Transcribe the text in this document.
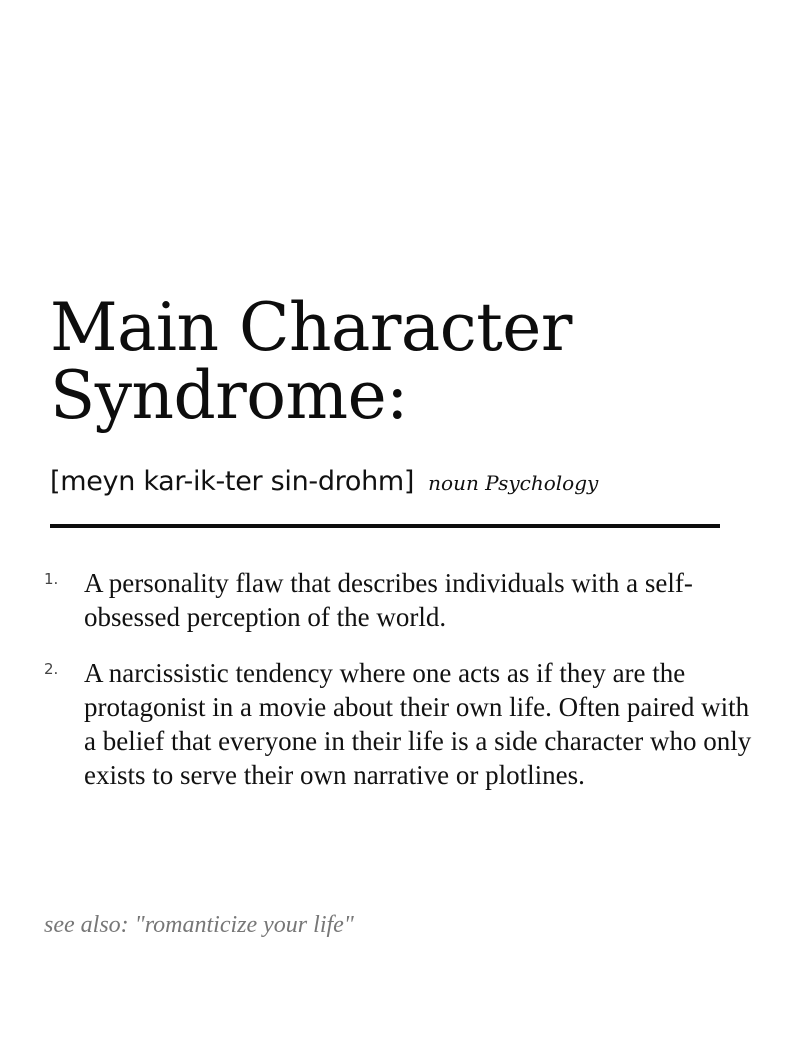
Main Character
Syndrome:
[meyn kar-ik-ter sin-drohm] noun Psychology
1. A personality flaw that describes individuals with a self-obsessed perception of the world.
2. A narcissistic tendency where one acts as if they are the protagonist in a movie about their own life. Often paired with a belief that everyone in their life is a side character who only exists to serve their own narrative or plotlines.
see also: "romanticize your life"
